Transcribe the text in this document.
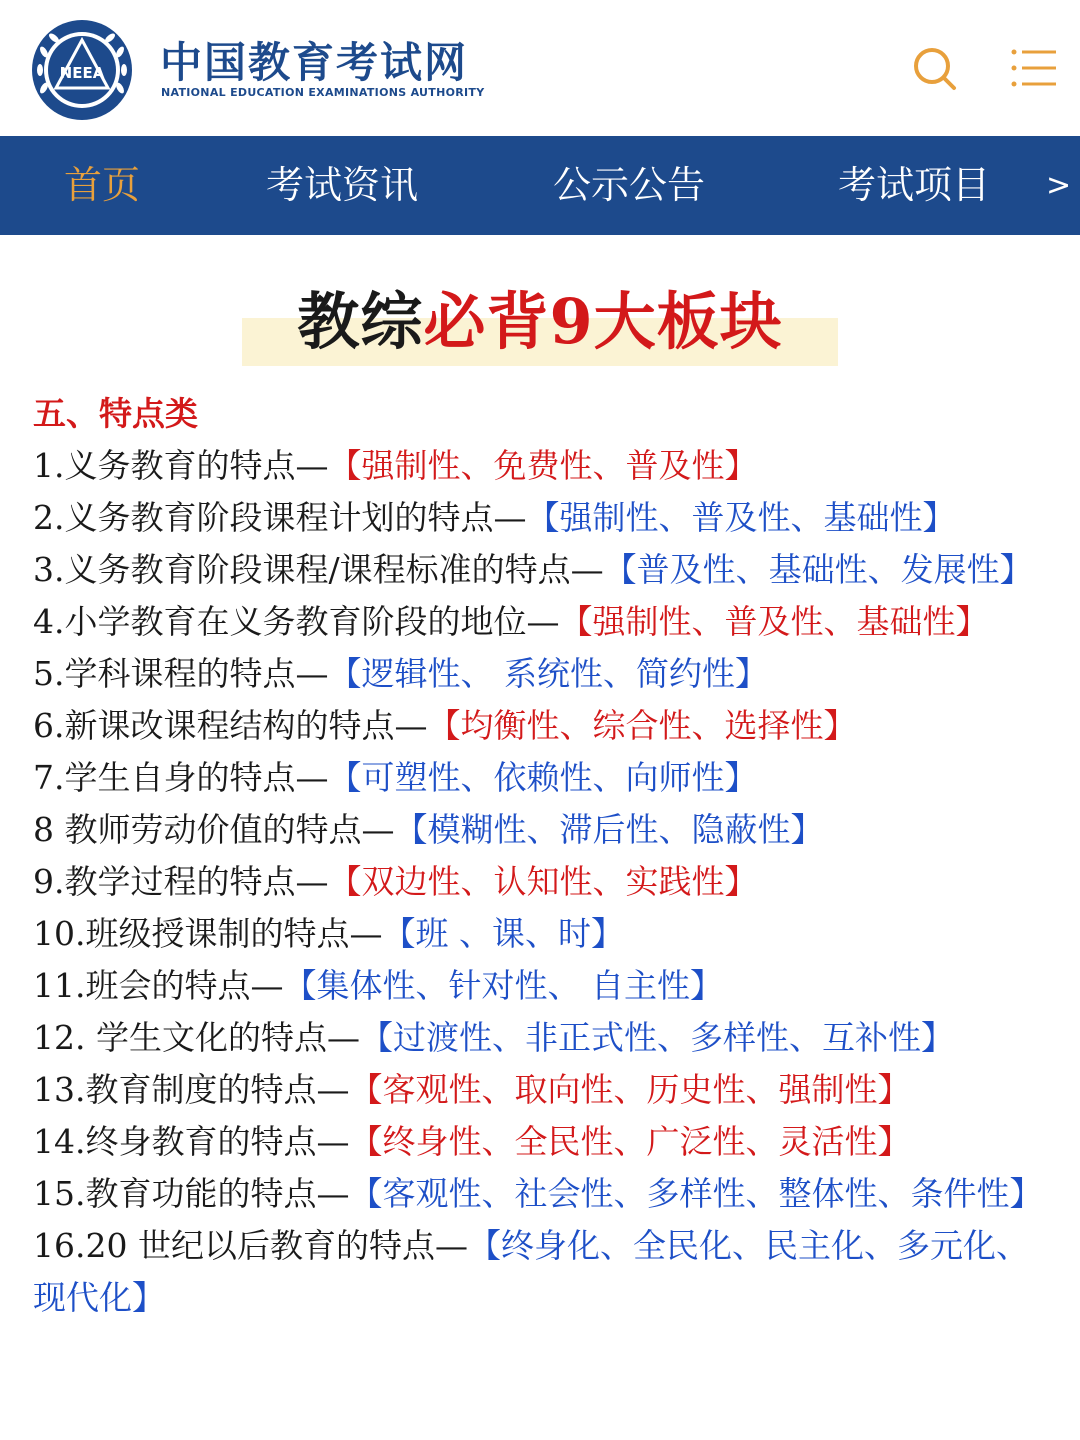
NEEA 中国教育考试网
NATIONAL EDUCATION EXAMINATIONS AUTHORITY
首页	考试资讯	公示公告	考试项目 >
教综必背9大板块
五、特点类
1.义务教育的特点—【强制性、免费性、普及性】
2.义务教育阶段课程计划的特点—【强制性、普及性、基础性】
3.义务教育阶段课程/课程标准的特点—【普及性、基础性、发展性】
4.小学教育在义务教育阶段的地位—【强制性、普及性、基础性】
5.学科课程的特点—【逻辑性、 系统性、简约性】
6.新课改课程结构的特点—【均衡性、综合性、选择性】
7.学生自身的特点—【可塑性、依赖性、向师性】
8 教师劳动价值的特点—【模糊性、滞后性、隐蔽性】
9.教学过程的特点—【双边性、认知性、实践性】
10.班级授课制的特点—【班 、课、时】
11.班会的特点—【集体性、针对性、 自主性】
12. 学生文化的特点—【过渡性、非正式性、多样性、互补性】
13.教育制度的特点—【客观性、取向性、历史性、强制性】
14.终身教育的特点—【终身性、全民性、广泛性、灵活性】
15.教育功能的特点—【客观性、社会性、多样性、整体性、条件性】
16.20 世纪以后教育的特点—【终身化、全民化、民主化、多元化、现代化】
